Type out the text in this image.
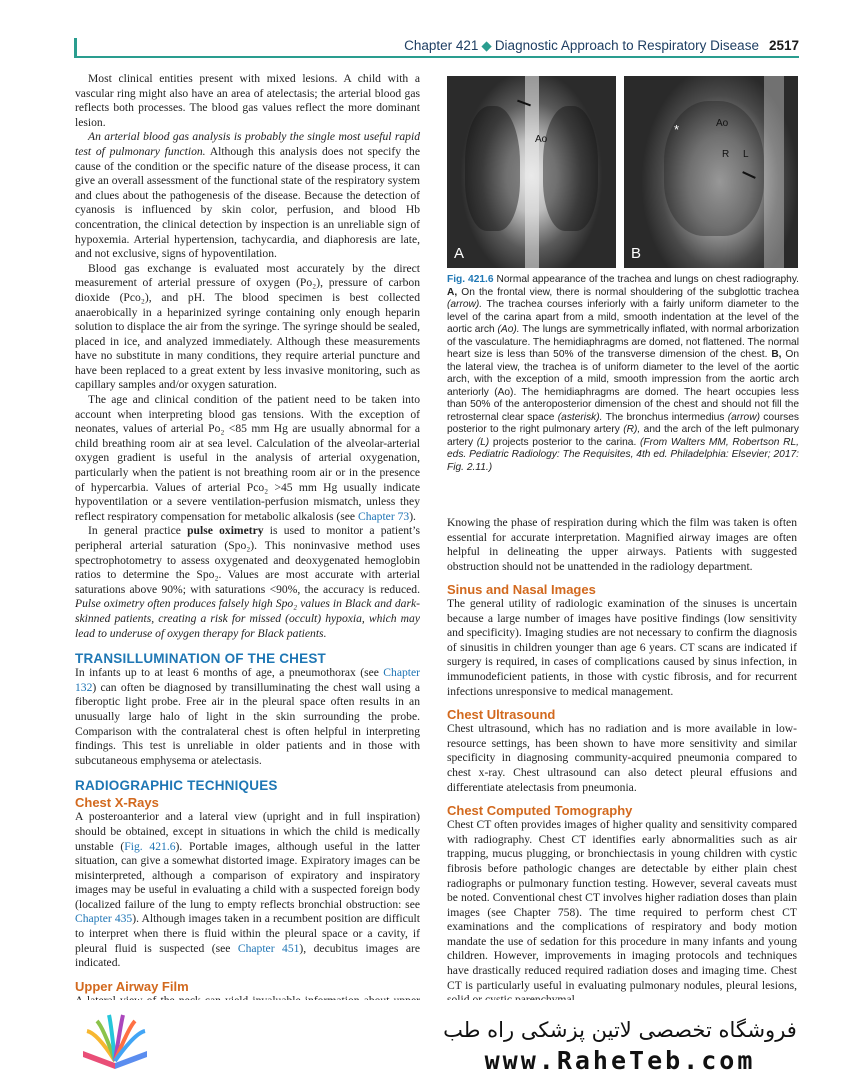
Chapter 421 ◆ Diagnostic Approach to Respiratory Disease 2517

Most clinical entities present with mixed lesions. A child with a vascular ring might also have an area of atelectasis; the arterial blood gas reflects both processes. The blood gas values reflect the more dominant lesion.

An arterial blood gas analysis is probably the single most useful rapid test of pulmonary function. Although this analysis does not specify the cause of the condition or the specific nature of the disease process, it can give an overall assessment of the functional state of the respiratory system and clues about the pathogenesis of the disease. Because the detection of cyanosis is influenced by skin color, perfusion, and blood Hb concentration, the clinical detection by inspection is an unreliable sign of hypoxemia. Arterial hypertension, tachycardia, and diaphoresis are late, and not exclusive, signs of hypoventilation.

Blood gas exchange is evaluated most accurately by the direct measurement of arterial pressure of oxygen (Po₂), pressure of carbon dioxide (Pco₂), and pH. The blood specimen is best collected anaerobically in a heparinized syringe containing only enough heparin solution to displace the air from the syringe. The syringe should be sealed, placed in ice, and analyzed immediately. Although these measurements have no substitute in many conditions, they require arterial puncture and have been replaced to a great extent by less invasive monitoring, such as capillary samples and/or oxygen saturation.

The age and clinical condition of the patient need to be taken into account when interpreting blood gas tensions. With the exception of neonates, values of arterial Po₂ <85 mm Hg are usually abnormal for a child breathing room air at sea level. Calculation of the alveolar-arterial oxygen gradient is useful in the analysis of arterial oxygenation, particularly when the patient is not breathing room air or in the presence of hypercarbia. Values of arterial Pco₂ >45 mm Hg usually indicate hypoventilation or a severe ventilation-perfusion mismatch, unless they reflect respiratory compensation for metabolic alkalosis (see Chapter 73).

In general practice pulse oximetry is used to monitor a patient’s peripheral arterial saturation (Spo₂). This noninvasive method uses spectrophotometry to assess oxygenated and deoxygenated hemoglobin ratios to determine the Spo₂. Values are most accurate with arterial saturations above 90%; with saturations <90%, the accuracy is reduced. Pulse oximetry often produces falsely high Spo₂ values in Black and dark-skinned patients, creating a risk for missed (occult) hypoxia, which may lead to underuse of oxygen therapy for Black patients.

TRANSILLUMINATION OF THE CHEST

In infants up to at least 6 months of age, a pneumothorax (see Chapter 132) can often be diagnosed by transilluminating the chest wall using a fiberoptic light probe. Free air in the pleural space often results in an unusually large halo of light in the skin surrounding the probe. Comparison with the contralateral chest is often helpful in interpreting findings. This test is unreliable in older patients and in those with subcutaneous emphysema or atelectasis.

RADIOGRAPHIC TECHNIQUES
Chest X-Rays

A posteroanterior and a lateral view (upright and in full inspiration) should be obtained, except in situations in which the child is medically unstable (Fig. 421.6). Portable images, although useful in the latter situation, can give a somewhat distorted image. Expiratory images can be misinterpreted, although a comparison of expiratory and inspiratory images may be useful in evaluating a child with a suspected foreign body (localized failure of the lung to empty reflects bronchial obstruction: see Chapter 435). Although images taken in a recumbent position are difficult to interpret when there is fluid within the pleural space or a cavity, if pleural fluid is suspected (see Chapter 451), decubitus images are indicated.

Upper Airway Film

Ao
A
*	Ao
R L
B
Fig. 421.6 Normal appearance of the trachea and lungs on chest radiography. A, On the frontal view, there is normal shouldering of the subglottic trachea (arrow). The trachea courses inferiorly with a fairly uniform diameter to the level of the carina apart from a mild, smooth indentation at the level of the aortic arch (Ao). The lungs are symmetrically inflated, with normal arborization of the vasculature. The hemidiaphragms are domed, not flattened. The normal heart size is less than 50% of the transverse dimension of the chest. B, On the lateral view, the trachea is of uniform diameter to the level of the aortic arch, with the exception of a mild, smooth impression from the aortic arch anteriorly (Ao). The hemidiaphragms are domed. The heart occupies less than 50% of the anteroposterior dimension of the chest and should not fill the retrosternal clear space (asterisk). The bronchus intermedius (arrow) courses posterior to the right pulmonary artery (R), and the arch of the left pulmonary artery (L) projects posterior to the carina. (From Walters MM, Robertson RL, eds. Pediatric Radiology: The Requisites, 4th ed. Philadelphia: Elsevier; 2017: Fig. 2.11.)

Knowing the phase of respiration during which the film was taken is often essential for accurate interpretation. Magnified airway images are often helpful in delineating the upper airways. Patients with suggested obstruction should not be unattended in the radiology department.

Sinus and Nasal Images

The general utility of radiologic examination of the sinuses is uncertain because a large number of images have positive findings (low sensitivity and specificity). Imaging studies are not necessary to confirm the diagnosis of sinusitis in children younger than age 6 years. CT scans are indicated if surgery is required, in cases of complications caused by sinus infection, in immunodeficient patients, in those with cystic fibrosis, and for recurrent infections unresponsive to medical management.

Chest Ultrasound

Chest ultrasound, which has no radiation and is more available in low-resource settings, has been shown to have more sensitivity and similar specificity in diagnosing community-acquired pneumonia compared to chest x-ray. Chest ultrasound can also detect pleural effusions and differentiate atelectasis from pneumonia.

Chest Computed Tomography

Chest CT often provides images of higher quality and sensitivity compared with radiography. Chest CT identifies early abnormalities such as air trapping, mucus plugging, or bronchiectasis in young children with cystic fibrosis before pathologic changes are detectable by either plain chest radiographs or pulmonary function testing. However, several caveats must be noted. Conventional chest CT involves higher radiation doses than plain images (see Chapter 758). The time required to perform chest CT examinations and the complications of respiratory and body motion mandate the use of sedation for this procedure in many infants and young children. However, improvements in imaging protocols and techniques have drastically reduced required radiation doses and imaging time. Chest CT is particularly useful in evaluating pulmonary nodules, pleural lesions,

فروشگاه تخصصی لاتین پزشکی راه طب
www.RaheTeb.com
